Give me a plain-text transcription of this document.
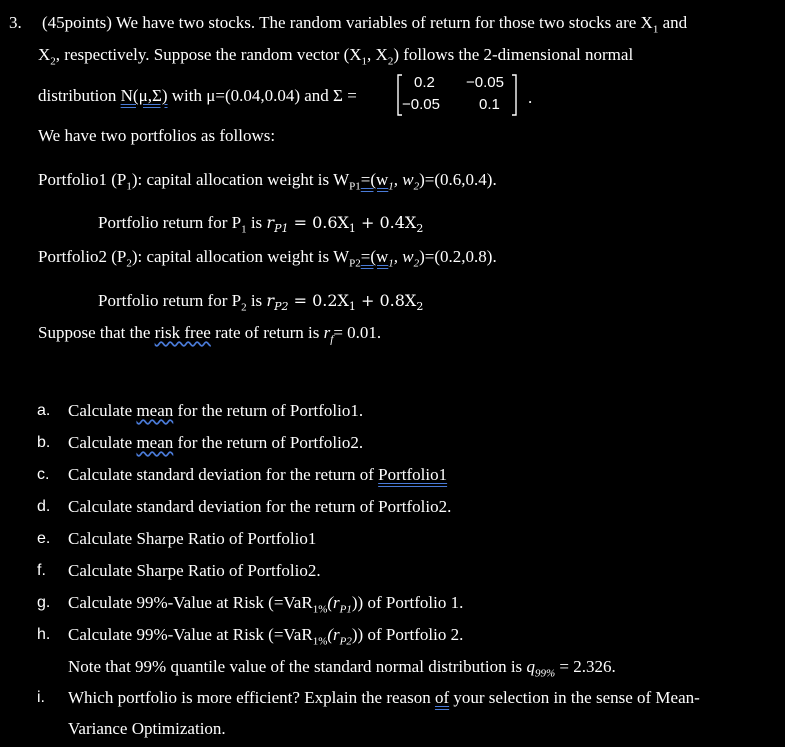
3. (45points) We have two stocks. The random variables of return for those two stocks are $X_1$ and
$X_2$, respectively. Suppose the random vector ($X_1$, $X_2$) follows the 2-dimensional normal
distribution N(μ,Σ) with μ=(0.04,0.04) and Σ =
0.2 −0.05
−0.05	0.1 .
We have two portfolios as follows:
Portfolio1 $(P_1)$: capital allocation weight is $W_{P1}=(w_1$, $w_2)=(0.6,0.4)$.
Portfolio return for $P_1$ is $r_{P1} = 0.6X_1 + 0.4X_2$
Portfolio2 $(P_2)$: capital allocation weight is $W_{P2}=(w_1$, $w_2)=(0.2,0.8)$.
Portfolio return for $P_2$ is $r_{P2} = 0.2X_1 + 0.8X_2$
Suppose that the risk free rate of return is $r_f= 0.01$.
a. Calculate mean for the return of Portfolio1.
b. Calculate mean for the return of Portfolio2.
c. Calculate standard deviation for the return of Portfolio1
d. Calculate standard deviation for the return of Portfolio2.
e. Calculate Sharpe Ratio of Portfolio1
f. Calculate Sharpe Ratio of Portfolio2.
g. Calculate 99%-Value at Risk $(=VaR_{1\%}(r_{P1}))$ of Portfolio 1.
h. Calculate 99%-Value at Risk $(=VaR_{1\%}(r_{P2}))$ of Portfolio 2.
Note that 99% quantile value of the standard normal distribution is $q_{99\%} = 2.326$.
i. Which portfolio is more efficient? Explain the reason of your selection in the sense of Mean-
Variance Optimization.
